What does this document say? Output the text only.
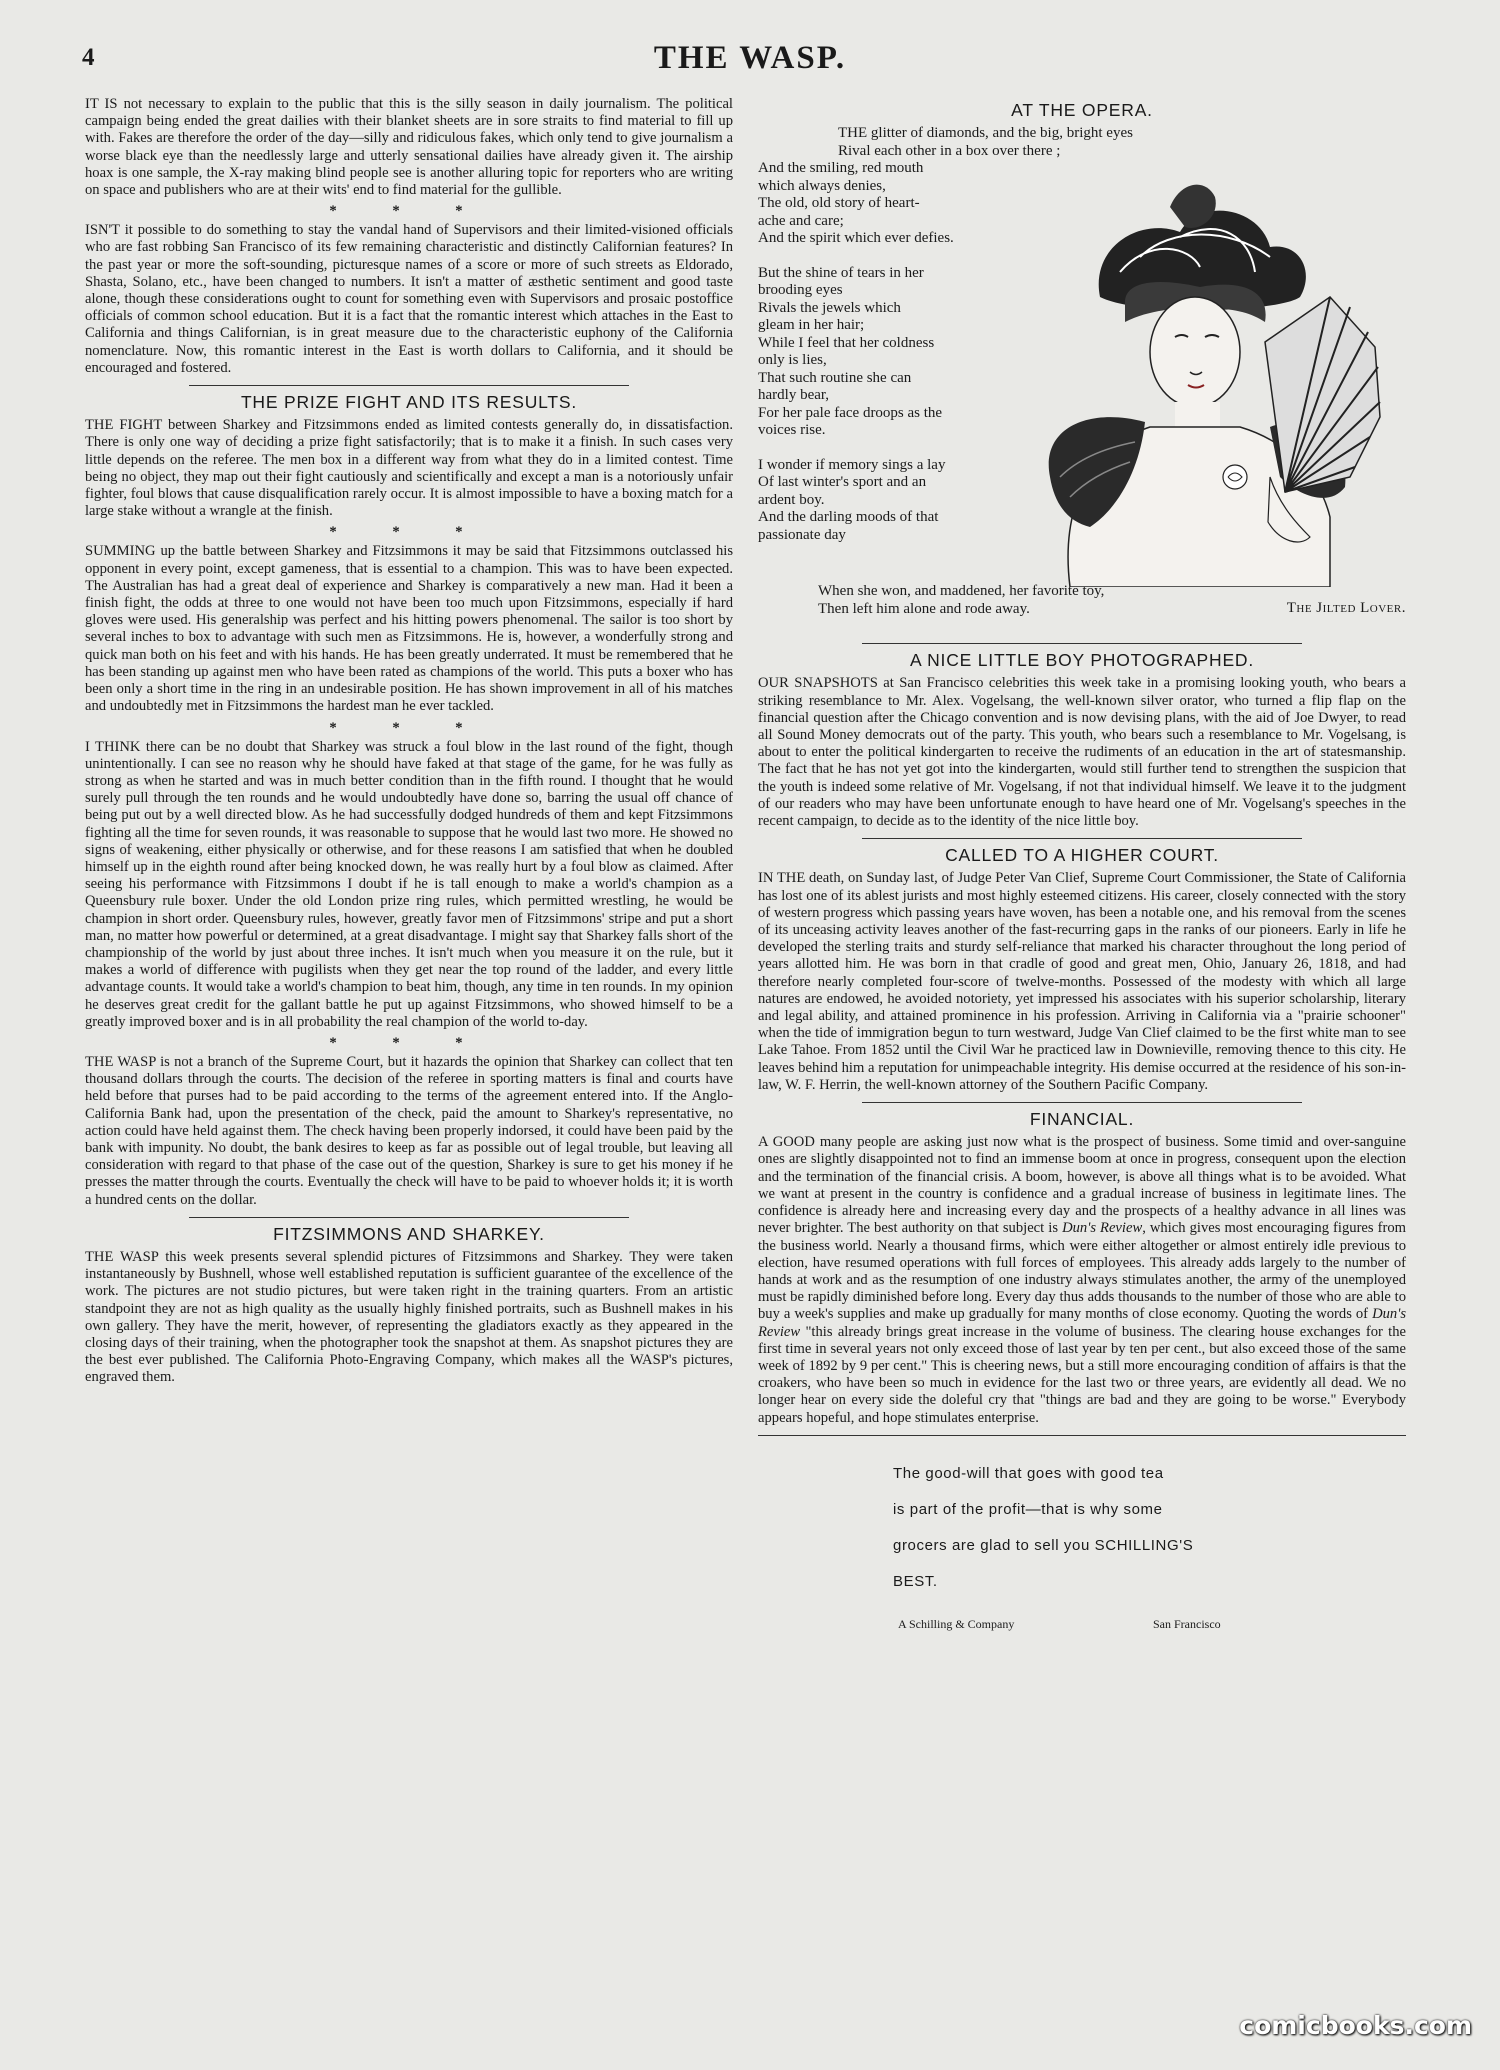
4	THE WASP.

IT IS not necessary to explain to the public that this is the silly season in daily journalism. The political campaign being ended the great dailies with their blanket sheets are in sore straits to find material to fill up with. Fakes are therefore the order of the day—silly and ridiculous fakes, which only tend to give journalism a worse black eye than the needlessly large and utterly sensational dailies have already given it. The airship hoax is one sample, the X-ray making blind people see is another alluring topic for reporters who are writing on space and publishers who are at their wits' end to find material for the gullible.

* * *

ISN'T it possible to do something to stay the vandal hand of Supervisors and their limited-visioned officials who are fast robbing San Francisco of its few remaining characteristic and distinctly Californian features? In the past year or more the soft-sounding, picturesque names of a score or more of such streets as Eldorado, Shasta, Solano, etc., have been changed to numbers. It isn't a matter of æsthetic sentiment and good taste alone, though these considerations ought to count for something even with Supervisors and prosaic postoffice officials of common school education. But it is a fact that the romantic interest which attaches in the East to California and things Californian, is in great measure due to the characteristic euphony of the California nomenclature. Now, this romantic interest in the East is worth dollars to California, and it should be encouraged and fostered.

THE PRIZE FIGHT AND ITS RESULTS.

THE FIGHT between Sharkey and Fitzsimmons ended as limited contests generally do, in dissatisfaction. There is only one way of deciding a prize fight satisfactorily; that is to make it a finish. In such cases very little depends on the referee. The men box in a different way from what they do in a limited contest. Time being no object, they map out their fight cautiously and scientifically and except a man is a notoriously unfair fighter, foul blows that cause disqualification rarely occur. It is almost impossible to have a boxing match for a large stake without a wrangle at the finish.

* * *

SUMMING up the battle between Sharkey and Fitzsimmons it may be said that Fitzsimmons outclassed his opponent in every point, except gameness, that is essential to a champion. This was to have been expected. The Australian has had a great deal of experience and Sharkey is comparatively a new man. Had it been a finish fight, the odds at three to one would not have been too much upon Fitzsimmons, especially if hard gloves were used. His generalship was perfect and his hitting powers phenomenal. The sailor is too short by several inches to box to advantage with such men as Fitzsimmons. He is, however, a wonderfully strong and quick man both on his feet and with his hands. He has been greatly underrated. It must be remembered that he has been standing up against men who have been rated as champions of the world. This puts a boxer who has been only a short time in the ring in an undesirable position. He has shown improvement in all of his matches and undoubtedly met in Fitzsimmons the hardest man he ever tackled.

* * *

I THINK there can be no doubt that Sharkey was struck a foul blow in the last round of the fight, though unintentionally. I can see no reason why he should have faked at that stage of the game, for he was fully as strong as when he started and was in much better condition than in the fifth round. I thought that he would surely pull through the ten rounds and he would undoubtedly have done so, barring the usual off chance of being put out by a well directed blow. As he had successfully dodged hundreds of them and kept Fitzsimmons fighting all the time for seven rounds, it was reasonable to suppose that he would last two more. He showed no signs of weakening, either physically or otherwise, and for these reasons I am satisfied that when he doubled himself up in the eighth round after being knocked down, he was really hurt by a foul blow as claimed. After seeing his performance with Fitzsimmons I doubt if he is tall enough to make a world's champion as a Queensbury rule boxer. Under the old London prize ring rules, which permitted wrestling, he would be champion in short order. Queensbury rules, however, greatly favor men of Fitzsimmons' stripe and put a short man, no matter how powerful or determined, at a great disadvantage. I might say that Sharkey falls short of the championship of the world by just about three inches. It isn't much when you measure it on the rule, but it makes a world of difference with pugilists when they get near the top round of the ladder, and every little advantage counts. It would take a world's champion to beat him, though, any time in ten rounds. In my opinion he deserves great credit for the gallant battle he put up against Fitzsimmons, who showed himself to be a greatly improved boxer and is in all probability the real champion of the world to-day.

* * *

THE WASP is not a branch of the Supreme Court, but it hazards the opinion that Sharkey can collect that ten thousand dollars through the courts. The decision of the referee in sporting matters is final and courts have held before that purses had to be paid according to the terms of the agreement entered into. If the Anglo-California Bank had, upon the presentation of the check, paid the amount to Sharkey's representative, no action could have held against them. The check having been properly indorsed, it could have been paid by the bank with impunity. No doubt, the bank desires to keep as far as possible out of legal trouble, but leaving all consideration with regard to that phase of the case out of the question, Sharkey is sure to get his money if he presses the matter through the courts. Eventually the check will have to be paid to whoever holds it; it is worth a hundred cents on the dollar.

FITZSIMMONS AND SHARKEY.

THE WASP this week presents several splendid pictures of Fitzsimmons and Sharkey. They were taken instantaneously by Bushnell, whose well established reputation is sufficient guarantee of the excellence of the work. The pictures are not studio pictures, but were taken right in the training quarters. From an artistic standpoint they are not as high quality as the usually highly finished portraits, such as Bushnell makes in his own gallery. They have the merit, however, of representing the gladiators exactly as they appeared in the closing days of their training, when the photographer took the snapshot at them. As snapshot pictures they are the best ever published. The California Photo-Engraving Company, which makes all the WASP's pictures, engraved them.

AT THE OPERA.
THE glitter of diamonds, and the big, bright eyes
Rival each other in a box over there ;
And the smiling, red mouth
which always denies,
The old, old story of heart-
ache and care;
And the spirit which ever defies.
But the shine of tears in her
brooding eyes
Rivals the jewels which
gleam in her hair;
While I feel that her coldness
only is lies,
That such routine she can
hardly bear,
For her pale face droops as the
voices rise.
I wonder if memory sings a lay
Of last winter's sport and an
ardent boy.
And the darling moods of that
passionate day
When she won, and maddened, her favorite toy,
Then left him alone and rode away.	The Jilted Lover.
A NICE LITTLE BOY PHOTOGRAPHED.

OUR SNAPSHOTS at San Francisco celebrities this week take in a promising looking youth, who bears a striking resemblance to Mr. Alex. Vogelsang, the well-known silver orator, who turned a flip flap on the financial question after the Chicago convention and is now devising plans, with the aid of Joe Dwyer, to read all Sound Money democrats out of the party. This youth, who bears such a resemblance to Mr. Vogelsang, is about to enter the political kindergarten to receive the rudiments of an education in the art of statesmanship. The fact that he has not yet got into the kindergarten, would still further tend to strengthen the suspicion that the youth is indeed some relative of Mr. Vogelsang, if not that individual himself. We leave it to the judgment of our readers who may have been unfortunate enough to have heard one of Mr. Vogelsang's speeches in the recent campaign, to decide as to the identity of the nice little boy.

CALLED TO A HIGHER COURT.

IN THE death, on Sunday last, of Judge Peter Van Clief, Supreme Court Commissioner, the State of California has lost one of its ablest jurists and most highly esteemed citizens. His career, closely connected with the story of western progress which passing years have woven, has been a notable one, and his removal from the scenes of its unceasing activity leaves another of the fast-recurring gaps in the ranks of our pioneers. Early in life he developed the sterling traits and sturdy self-reliance that marked his character throughout the long period of years allotted him. He was born in that cradle of good and great men, Ohio, January 26, 1818, and had therefore nearly completed four-score of twelve-months. Possessed of the modesty with which all large natures are endowed, he avoided notoriety, yet impressed his associates with his superior scholarship, literary and legal ability, and attained prominence in his profession. Arriving in California via a "prairie schooner" when the tide of immigration begun to turn westward, Judge Van Clief claimed to be the first white man to see Lake Tahoe. From 1852 until the Civil War he practiced law in Downieville, removing thence to this city. He leaves behind him a reputation for unimpeachable integrity. His demise occurred at the residence of his son-in-law, W. F. Herrin, the well-known attorney of the Southern Pacific Company.

FINANCIAL.

A GOOD many people are asking just now what is the prospect of business. Some timid and over-sanguine ones are slightly disappointed not to find an immense boom at once in progress, consequent upon the election and the termination of the financial crisis. A boom, however, is above all things what is to be avoided. What we want at present in the country is confidence and a gradual increase of business in legitimate lines. The confidence is already here and increasing every day and the prospects of a healthy advance in all lines was never brighter. The best authority on that subject is Dun's Review, which gives most encouraging figures from the business world. Nearly a thousand firms, which were either altogether or almost entirely idle previous to election, have resumed operations with full forces of employees. This already adds largely to the number of hands at work and as the resumption of one industry always stimulates another, the army of the unemployed must be rapidly diminished before long. Every day thus adds thousands to the number of those who are able to buy a week's supplies and make up gradually for many months of close economy. Quoting the words of Dun's Review "this already brings great increase in the volume of business. The clearing house exchanges for the first time in several years not only exceed those of last year by ten per cent., but also exceed those of the same week of 1892 by 9 per cent." This is cheering news, but a still more encouraging condition of affairs is that the croakers, who have been so much in evidence for the last two or three years, are evidently all dead. We no longer hear on every side the doleful cry that "things are bad and they are going to be worse." Everybody appears hopeful, and hope stimulates enterprise.

The good-will that goes with good tea
is part of the profit—that is why some
grocers are glad to sell you SCHILLING'S
BEST.
A Schilling & Company	San Francisco
comicbooks.com
